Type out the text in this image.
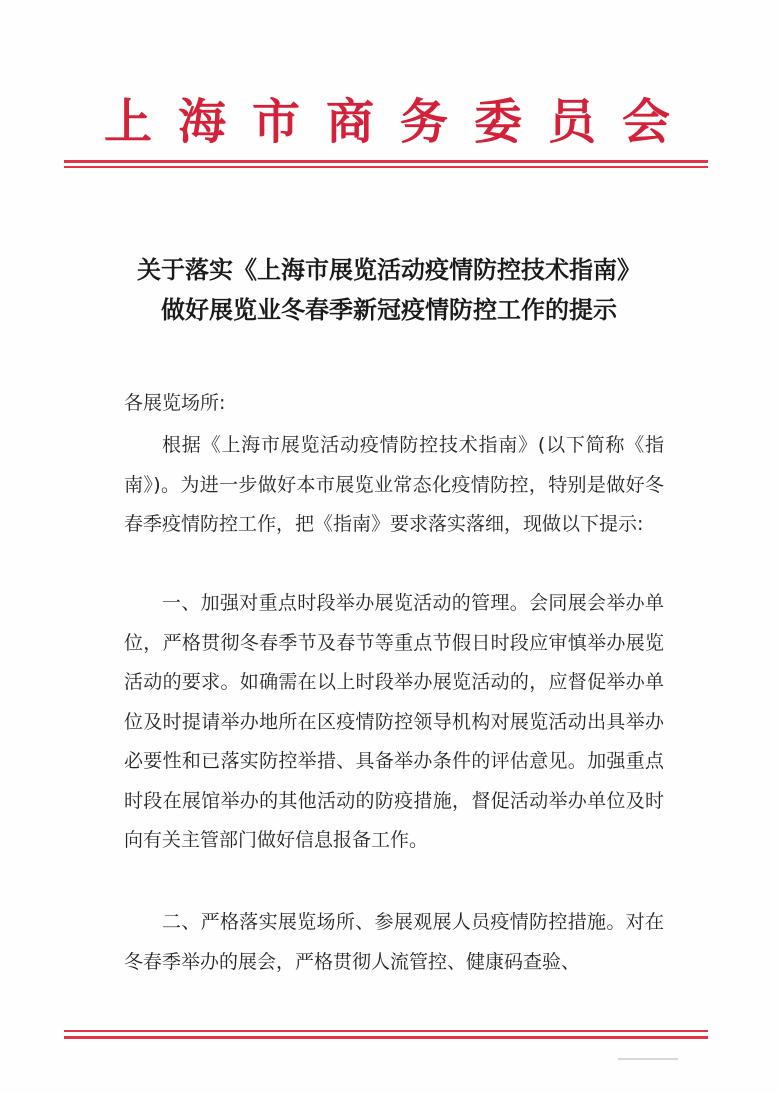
上海市商务委员会
关于落实《上海市展览活动疫情防控技术指南》
做好展览业冬春季新冠疫情防控工作的提示
各展览场所:
根据《上海市展览活动疫情防控技术指南》(以下简称《指南》)。为进一步做好本市展览业常态化疫情防控，特别是做好冬春季疫情防控工作，把《指南》要求落实落细，现做以下提示:
一、加强对重点时段举办展览活动的管理。会同展会举办单位，严格贯彻冬春季节及春节等重点节假日时段应审慎举办展览活动的要求。如确需在以上时段举办展览活动的，应督促举办单位及时提请举办地所在区疫情防控领导机构对展览活动出具举办必要性和已落实防控举措、具备举办条件的评估意见。加强重点时段在展馆举办的其他活动的防疫措施，督促活动举办单位及时向有关主管部门做好信息报备工作。
二、严格落实展览场所、参展观展人员疫情防控措施。对在冬春季举办的展会，严格贯彻人流管控、健康码查验、
